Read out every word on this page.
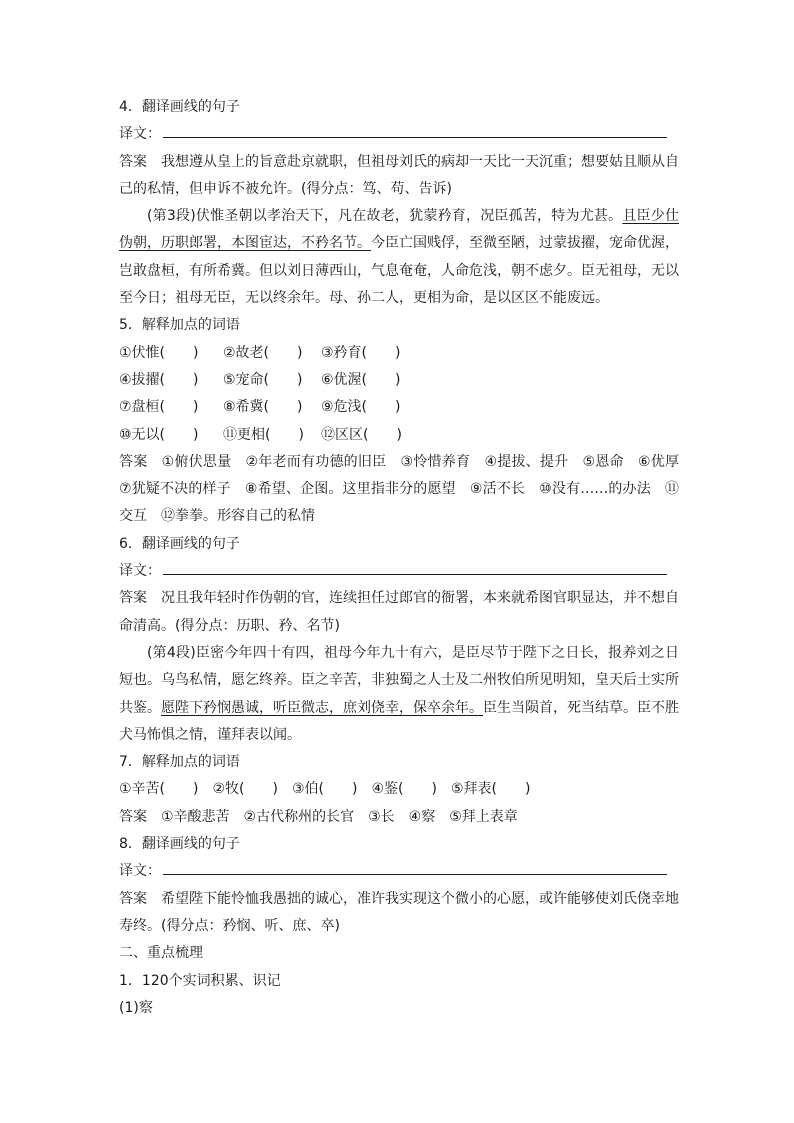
4．翻译画线的句子
译文：
答案　我想遵从皇上的旨意赴京就职，但祖母刘氏的病却一天比一天沉重；想要姑且顺从自己的私情，但申诉不被允许。(得分点：笃、苟、告诉)
(第3段)伏惟圣朝以孝治天下，凡在故老，犹蒙矜育，况臣孤苦，特为尤甚。且臣少仕伪朝，历职郎署，本图宦达，不矜名节。今臣亡国贱俘，至微至陋，过蒙拔擢，宠命优渥，岂敢盘桓，有所希冀。但以刘日薄西山，气息奄奄，人命危浅，朝不虑夕。臣无祖母，无以至今日；祖母无臣，无以终余年。母、孙二人，更相为命，是以区区不能废远。
5．解释加点的词语
①伏惟(　　) ②故老(　　) ③矜育(　　)
④拔擢(　　) ⑤宠命(　　) ⑥优渥(　　)
⑦盘桓(　　) ⑧希冀(　　) ⑨危浅(　　)
⑩无以(　　) ⑪更相(　　) ⑫区区(　　)
答案　①俯伏思量　②年老而有功德的旧臣　③怜惜养育　④提拔、提升　⑤恩命　⑥优厚　⑦犹疑不决的样子　⑧希望、企图。这里指非分的愿望　⑨活不长　⑩没有……的办法　⑪交互　⑫拳拳。形容自己的私情
6．翻译画线的句子
译文：
答案　况且我年轻时作伪朝的官，连续担任过郎官的衙署，本来就希图官职显达，并不想自命清高。(得分点：历职、矜、名节)
(第4段)臣密今年四十有四，祖母今年九十有六，是臣尽节于陛下之日长，报养刘之日短也。乌鸟私情，愿乞终养。臣之辛苦，非独蜀之人士及二州牧伯所见明知，皇天后土实所共鉴。愿陛下矜悯愚诚，听臣微志，庶刘侥幸，保卒余年。臣生当陨首，死当结草。臣不胜犬马怖惧之情，谨拜表以闻。
7．解释加点的词语
①辛苦(　　) ②牧(　　) ③伯(　　) ④鉴(　　) ⑤拜表(　　)
答案　①辛酸悲苦　②古代称州的长官　③长　④察　⑤拜上表章
8．翻译画线的句子
译文：
答案　希望陛下能怜恤我愚拙的诚心，准许我实现这个微小的心愿，或许能够使刘氏侥幸地寿终。(得分点：矜悯、听、庶、卒)
二、重点梳理
1．120个实词积累、识记
(1)察
